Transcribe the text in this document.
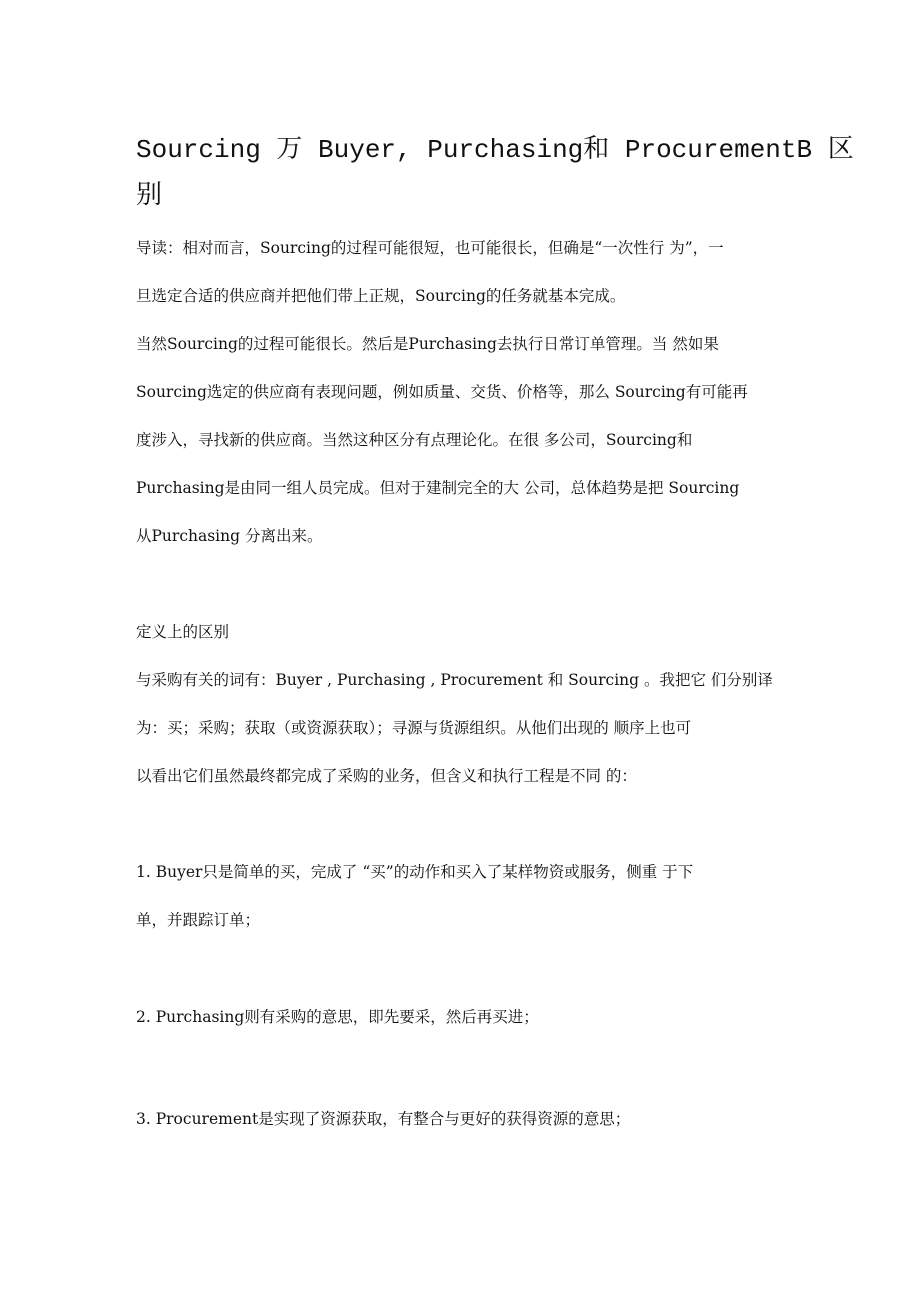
Sourcing 万 Buyer, Purchasing和 ProcurementB 区
别
导读：相对而言，Sourcing的过程可能很短，也可能很长，但确是“一次性行 为”，一
旦选定合适的供应商并把他们带上正规，Sourcing的任务就基本完成。
当然Sourcing的过程可能很长。然后是Purchasing去执行日常订单管理。当 然如果
Sourcing选定的供应商有表现问题，例如质量、交货、价格等，那么 Sourcing有可能再
度涉入，寻找新的供应商。当然这种区分有点理论化。在很 多公司，Sourcing和
Purchasing是由同一组人员完成。但对于建制完全的大 公司，总体趋势是把 Sourcing
从Purchasing 分离出来。
定义上的区别
与采购有关的词有：Buyer , Purchasing , Procurement 和 Sourcing 。我把它 们分别译
为：买；采购；获取（或资源获取）；寻源与货源组织。从他们出现的 顺序上也可
以看出它们虽然最终都完成了采购的业务，但含义和执行工程是不同 的：
1. Buyer只是简单的买，完成了 “买”的动作和买入了某样物资或服务，侧重 于下
单，并跟踪订单；
2. Purchasing则有采购的意思，即先要采，然后再买进；
3. Procurement是实现了资源获取，有整合与更好的获得资源的意思；
